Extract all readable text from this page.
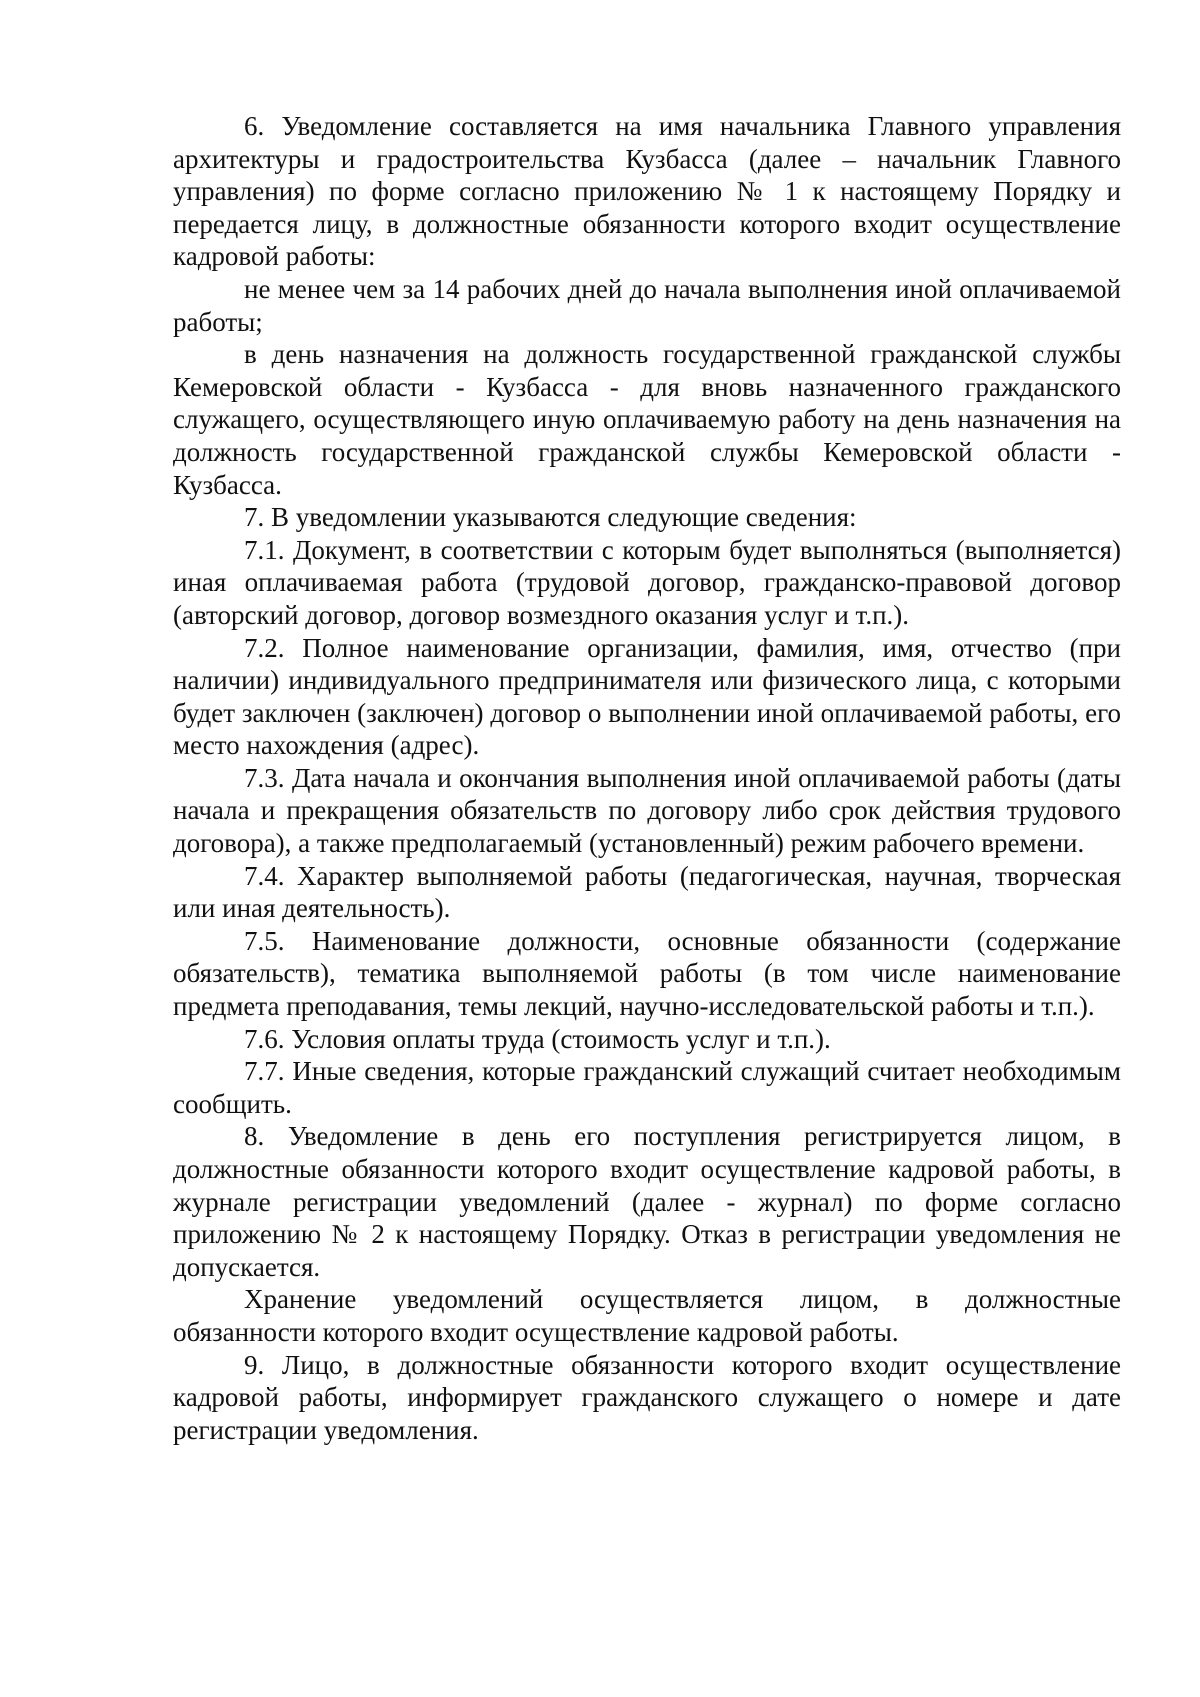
6. Уведомление составляется на имя начальника Главного управления архитектуры и градостроительства Кузбасса (далее – начальник Главного управления) по форме согласно приложению № 1 к настоящему Порядку и передается лицу, в должностные обязанности которого входит осуществление кадровой работы:

не менее чем за 14 рабочих дней до начала выполнения иной оплачиваемой работы;

в день назначения на должность государственной гражданской службы Кемеровской области - Кузбасса - для вновь назначенного гражданского служащего, осуществляющего иную оплачиваемую работу на день назначения на должность государственной гражданской службы Кемеровской области - Кузбасса.

7. В уведомлении указываются следующие сведения:

7.1. Документ, в соответствии с которым будет выполняться (выполняется) иная оплачиваемая работа (трудовой договор, гражданско-правовой договор (авторский договор, договор возмездного оказания услуг и т.п.).

7.2. Полное наименование организации, фамилия, имя, отчество (при наличии) индивидуального предпринимателя или физического лица, с которыми будет заключен (заключен) договор о выполнении иной оплачиваемой работы, его место нахождения (адрес).

7.3. Дата начала и окончания выполнения иной оплачиваемой работы (даты начала и прекращения обязательств по договору либо срок действия трудового договора), а также предполагаемый (установленный) режим рабочего времени.

7.4. Характер выполняемой работы (педагогическая, научная, творческая или иная деятельность).

7.5. Наименование должности, основные обязанности (содержание обязательств), тематика выполняемой работы (в том числе наименование предмета преподавания, темы лекций, научно-исследовательской работы и т.п.).

7.6. Условия оплаты труда (стоимость услуг и т.п.).

7.7. Иные сведения, которые гражданский служащий считает необходимым сообщить.

8. Уведомление в день его поступления регистрируется лицом, в должностные обязанности которого входит осуществление кадровой работы, в журнале регистрации уведомлений (далее - журнал) по форме согласно приложению № 2 к настоящему Порядку. Отказ в регистрации уведомления не допускается.

Хранение уведомлений осуществляется лицом, в должностные обязанности которого входит осуществление кадровой работы.

9. Лицо, в должностные обязанности которого входит осуществление кадровой работы, информирует гражданского служащего о номере и дате регистрации уведомления.
